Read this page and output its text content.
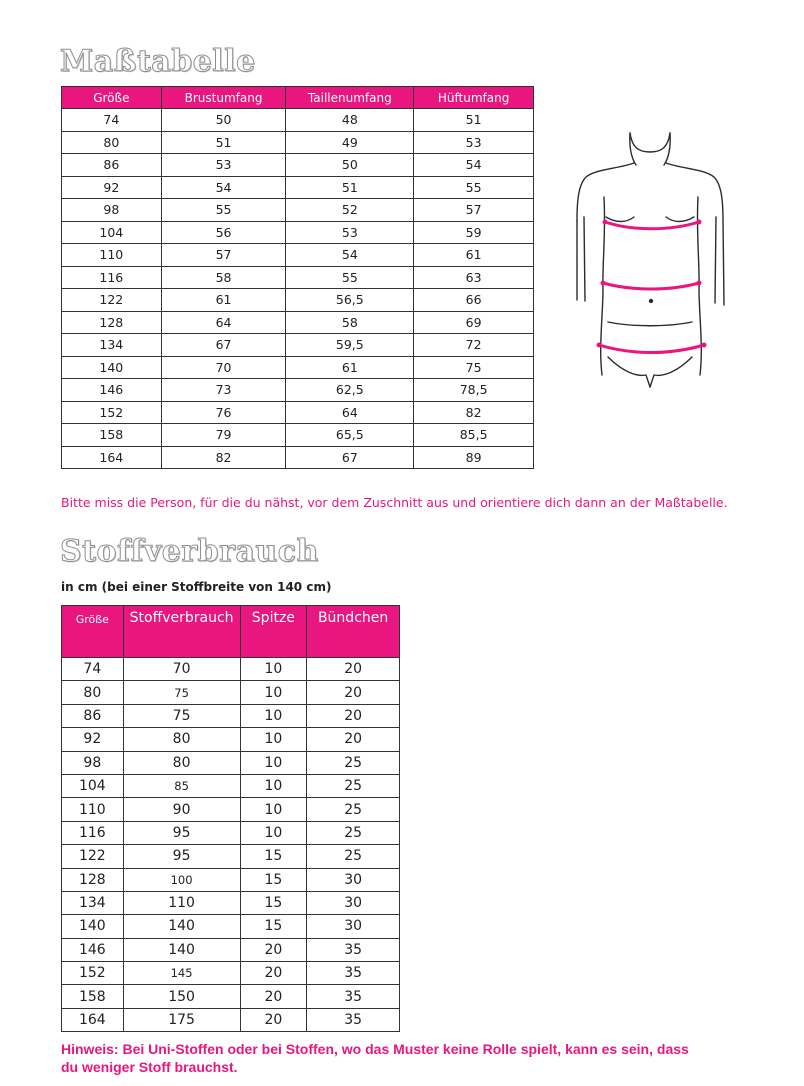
Maßtabelle
Größe	Brustumfang	Taillenumfang	Hüftumfang
74	50	48	51
80	51	49	53
86	53	50	54
92	54	51	55
98	55	52	57
104	56	53	59
110	57	54	61
116	58	55	63
122	61	56,5	66
128	64	58	69
134	67	59,5	72
140	70	61	75
146	73	62,5	78,5
152	76	64	82
158	79	65,5	85,5
164	82	67	89

Bitte miss die Person, für die du nähst, vor dem Zuschnitt aus und orientiere dich dann an der Maßtabelle.

Stoffverbrauch

in cm (bei einer Stoffbreite von 140 cm)

Größe	Stoffverbrauch	Spitze	Bündchen
74	70	10	20
80	75	10	20
86	75	10	20
92	80	10	20
98	80	10	25
104	85	10	25
110	90	10	25
116	95	10	25
122	95	15	25
128	100	15	30
134	110	15	30
140	140	15	30
146	140	20	35
152	145	20	35
158	150	20	35
164	175	20	35

Hinweis: Bei Uni-Stoffen oder bei Stoffen, wo das Muster keine Rolle spielt, kann es sein, dass du weniger Stoff brauchst.
